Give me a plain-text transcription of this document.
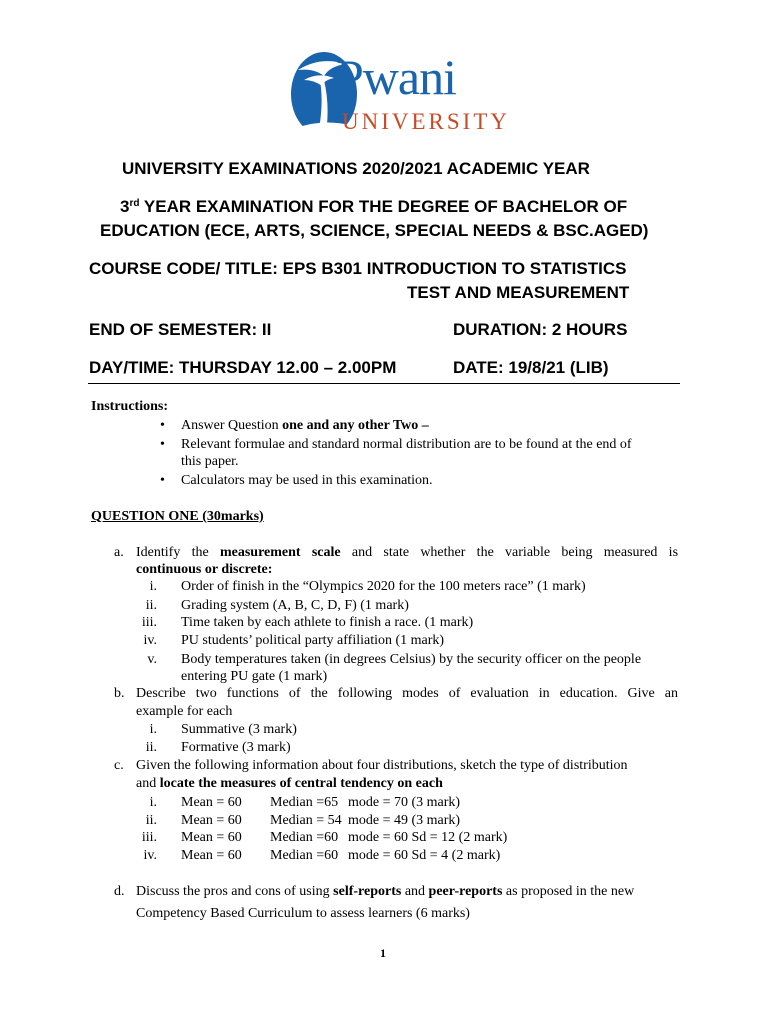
Pwani
UNIVERSITY
UNIVERSITY EXAMINATIONS 2020/2021 ACADEMIC YEAR
3rd YEAR EXAMINATION FOR THE DEGREE OF BACHELOR OF
EDUCATION (ECE, ARTS, SCIENCE, SPECIAL NEEDS & BSC.AGED)
COURSE CODE/ TITLE: EPS B301 INTRODUCTION TO STATISTICS
TEST AND MEASUREMENT
END OF SEMESTER: II	DURATION: 2 HOURS
DAY/TIME: THURSDAY 12.00 – 2.00PM	DATE: 19/8/21 (LIB)
Instructions:
• Answer Question one and any other Two –
• Relevant formulae and standard normal distribution are to be found at the end of
this paper.
• Calculators may be used in this examination.
QUESTION ONE (30marks)
a. Identify the measurement scale and state whether the variable being measured is
continuous or discrete:
i. Order of finish in the “Olympics 2020 for the 100 meters race” (1 mark)
ii. Grading system (A, B, C, D, F) (1 mark)
iii. Time taken by each athlete to finish a race. (1 mark)
iv. PU students’ political party affiliation (1 mark)
v. Body temperatures taken (in degrees Celsius) by the security officer on the people
entering PU gate (1 mark)
b. Describe two functions of the following modes of evaluation in education. Give an
example for each
i. Summative (3 mark)
ii. Formative (3 mark)
c. Given the following information about four distributions, sketch the type of distribution
and locate the measures of central tendency on each
i. Mean = 60 Median =65 mode = 70 (3 mark)
ii. Mean = 60 Median = 54 mode = 49 (3 mark)
iii. Mean = 60 Median =60 mode = 60 Sd = 12 (2 mark)
iv. Mean = 60 Median =60 mode = 60 Sd = 4 (2 mark)
d. Discuss the pros and cons of using self-reports and peer-reports as proposed in the new
Competency Based Curriculum to assess learners (6 marks)
1
